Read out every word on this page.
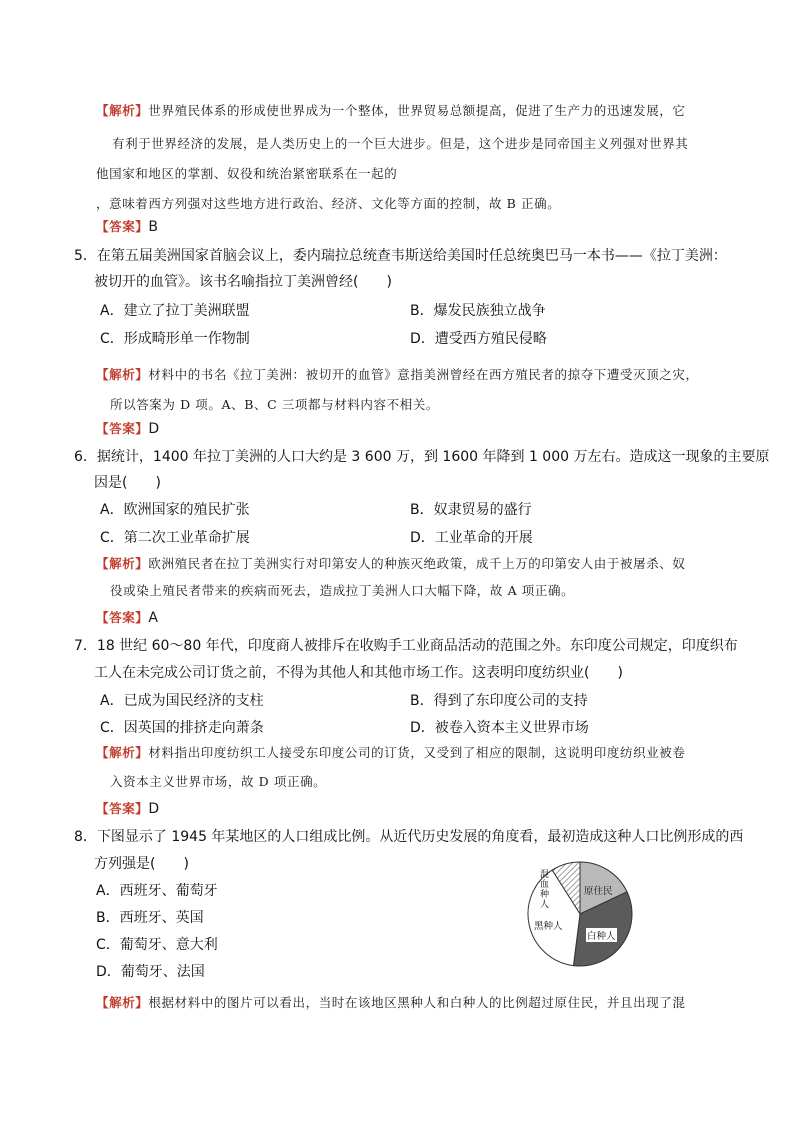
【解析】世界殖民体系的形成使世界成为一个整体，世界贸易总额提高，促进了生产力的迅速发展，它
有利于世界经济的发展，是人类历史上的一个巨大进步。但是，这个进步是同帝国主义列强对世界其
他国家和地区的掌割、奴役和统治紧密联系在一起的
，意味着西方列强对这些地方进行政治、经济、文化等方面的控制，故 B 正确。
【答案】B
5．在第五届美洲国家首脑会议上，委内瑞拉总统查韦斯送给美国时任总统奥巴马一本书——《拉丁美洲：
被切开的血管》。该书名喻指拉丁美洲曾经(　　)
A．建立了拉丁美洲联盟	B．爆发民族独立战争
C．形成畸形单一作物制	D．遭受西方殖民侵略
【解析】材料中的书名《拉丁美洲：被切开的血管》意指美洲曾经在西方殖民者的掠夺下遭受灭顶之灾，
所以答案为 D 项。A、B、C 三项都与材料内容不相关。
【答案】D
6．据统计，1400 年拉丁美洲的人口大约是 3 600 万，到 1600 年降到 1 000 万左右。造成这一现象的主要原
因是(　　)
A．欧洲国家的殖民扩张	B．奴隶贸易的盛行
C．第二次工业革命扩展	D．工业革命的开展
【解析】欧洲殖民者在拉丁美洲实行对印第安人的种族灭绝政策，成千上万的印第安人由于被屠杀、奴
役或染上殖民者带来的疾病而死去，造成拉丁美洲人口大幅下降，故 A 项正确。
【答案】A
7．18 世纪 60～80 年代，印度商人被排斥在收购手工业商品活动的范围之外。东印度公司规定，印度织布
工人在未完成公司订货之前，不得为其他人和其他市场工作。这表明印度纺织业(　　)
A．已成为国民经济的支柱	B．得到了东印度公司的支持
C．因英国的排挤走向萧条	D．被卷入资本主义世界市场
【解析】材料指出印度纺织工人接受东印度公司的订货，又受到了相应的限制，这说明印度纺织业被卷
入资本主义世界市场，故 D 项正确。
【答案】D
8．下图显示了 1945 年某地区的人口组成比例。从近代历史发展的角度看，最初造成这种人口比例形成的西
方列强是(　　)
A．西班牙、葡萄牙
B．西班牙、英国
C．葡萄牙、意大利
D．葡萄牙、法国
混血种人
原住民
黑种人
白种人
【解析】根据材料中的图片可以看出，当时在该地区黑种人和白种人的比例超过原住民，并且出现了混
